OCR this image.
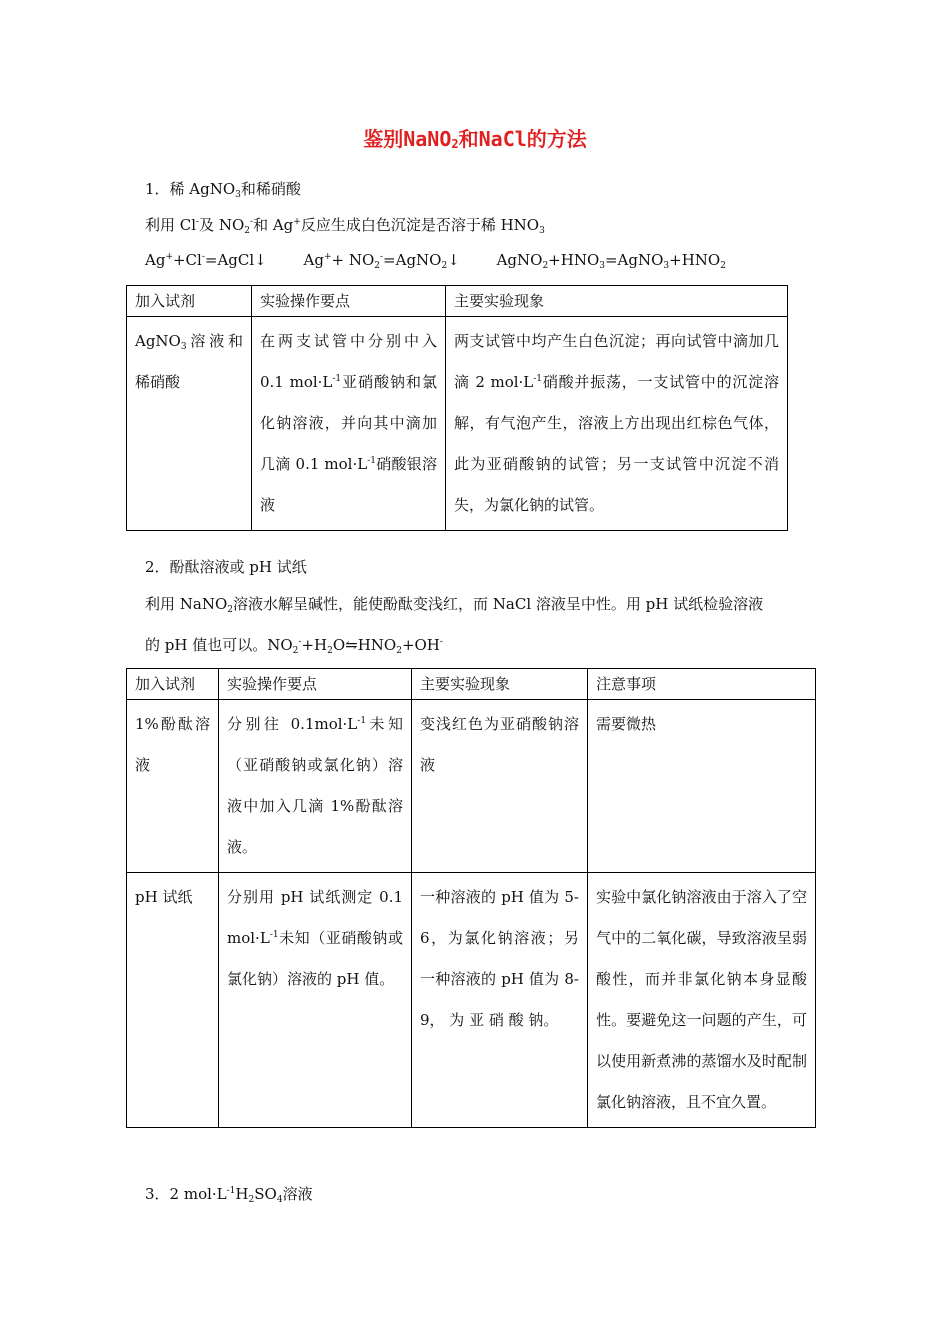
鉴别NaNO$_2$和NaCl的方法
1．稀 AgNO$_3$和稀硝酸
利用 Cl-及 $NO_2^-$和 Ag+反应生成白色沉淀是否溶于稀 $HNO_3$
Ag++Cl-=AgCl↓ $Ag^++ NO_2^-=AgNO_2↓$ $AgNO_2+HNO_3=AgNO_3+HNO_2$
加入试剂	实验操作要点	主要实验现象
AgNO$_3$溶液和稀硝酸	在两支试管中分别中入 0.1 $mol\cdot L^{-1}$亚硝酸钠和氯化钠溶液，并向其中滴加几滴 0.1 $mol\cdot L^{-1}$硝酸银溶液	两支试管中均产生白色沉淀；再向试管中滴加几滴 2 $mol\cdot L^{-1}$硝酸并振荡，一支试管中的沉淀溶解，有气泡产生，溶液上方出现出红棕色气体，此为亚硝酸钠的试管；另一支试管中沉淀不消失，为氯化钠的试管。
2．酚酞溶液或 pH 试纸
利用 NaNO$_2$溶液水解呈碱性，能使酚酞变浅红，而 NaCl 溶液呈中性。用 pH 试纸检验溶液
的 pH 值也可以。$NO_2^-+H_2O⇋HNO_2+OH^-$
加入试剂	实验操作要点	主要实验现象	注意事项
1%酚酞溶液	分别往 $0.1mol\cdot L^{-1}$未知（亚硝酸钠或氯化钠）溶液中加入几滴 1%酚酞溶液。	变浅红色为亚硝酸钠溶液	需要微热
pH 试纸	分别用 pH 试纸测定 0.1 $mol\cdot L^{-1}$未知（亚硝酸钠或氯化钠）溶液的 pH 值。	一种溶液的 pH 值为 5-6，为氯化钠溶液；另一种溶液的 pH 值为 8-9， 为 亚 硝 酸 钠。	实验中氯化钠溶液由于溶入了空气中的二氧化碳，导致溶液呈弱酸性，而并非氯化钠本身显酸性。要避免这一问题的产生，可以使用新煮沸的蒸馏水及时配制氯化钠溶液，且不宜久置。
3．2 $mol\cdot L^{-1}H_2SO_4$溶液
